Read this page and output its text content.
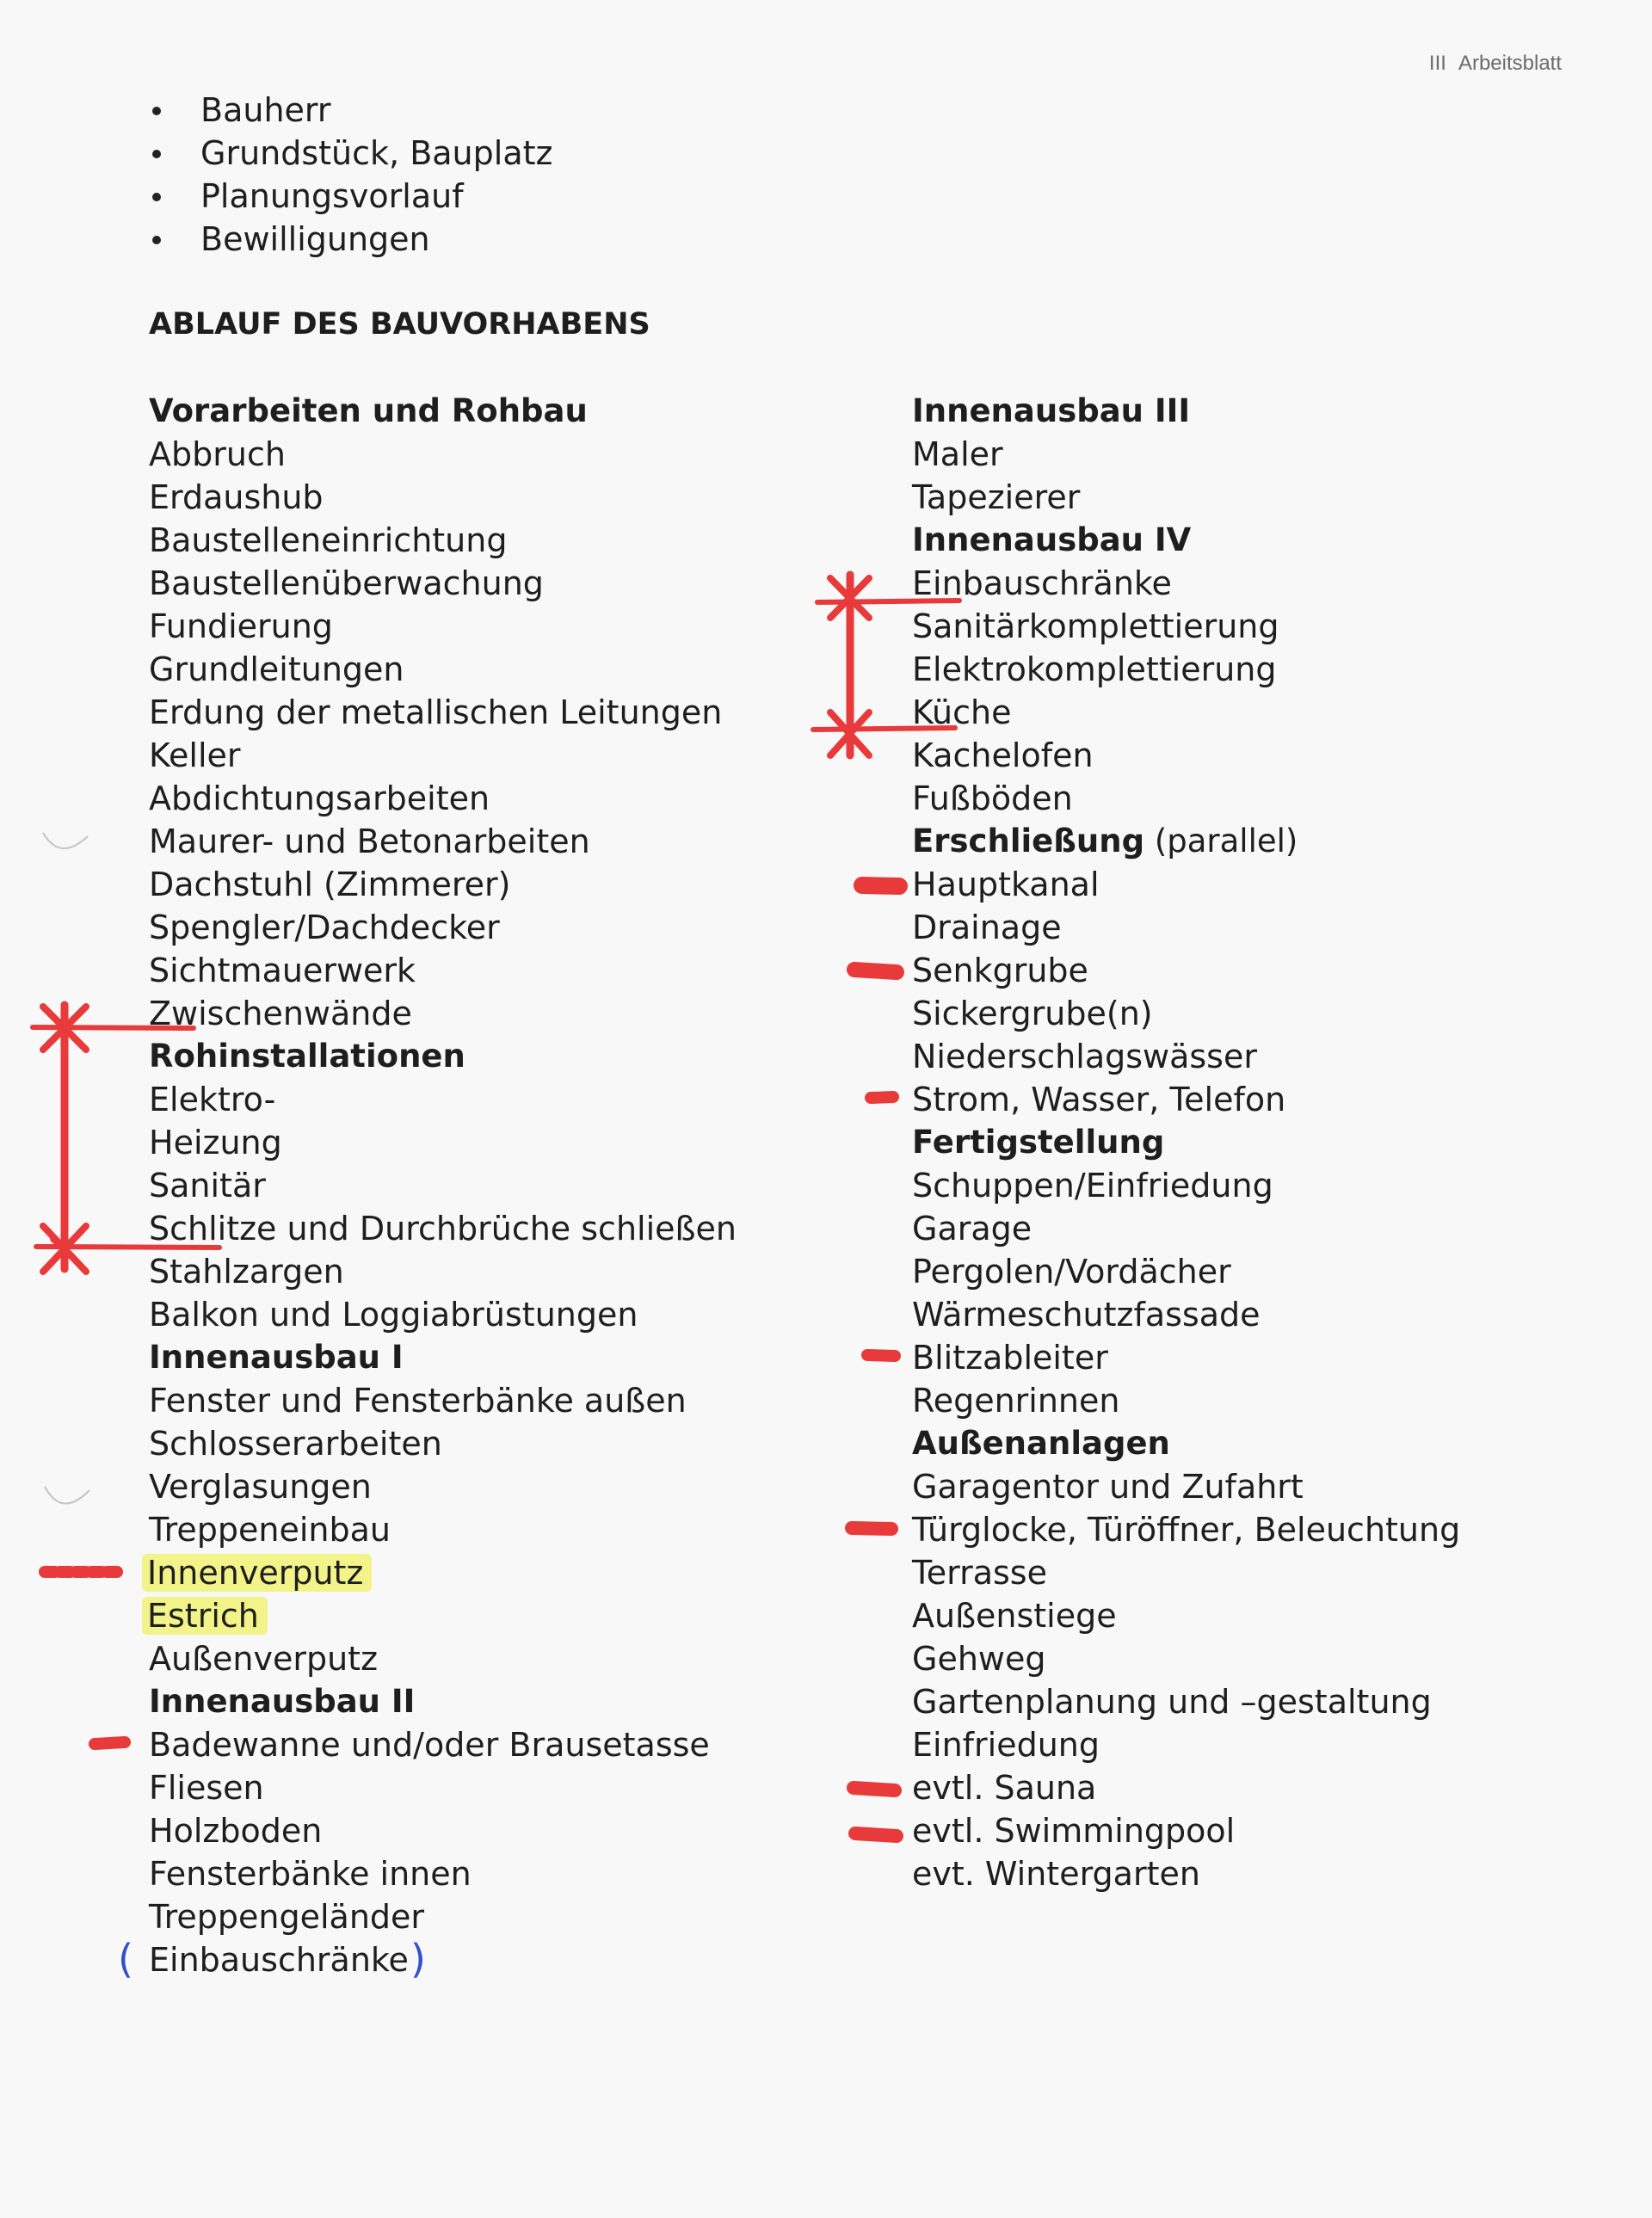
III Arbeitsblatt
Bauherr
Grundstück, Bauplatz
Planungsvorlauf
Bewilligungen
ABLAUF DES BAUVORHABENS
Vorarbeiten und Rohbau
Abbruch
Erdaushub
Baustelleneinrichtung
Baustellenüberwachung
Fundierung
Grundleitungen
Erdung der metallischen Leitungen
Keller
Abdichtungsarbeiten
Maurer- und Betonarbeiten
Dachstuhl (Zimmerer)
Spengler/Dachdecker
Sichtmauerwerk
Zwischenwände
Rohinstallationen
Elektro-
Heizung
Sanitär
Schlitze und Durchbrüche schließen
Stahlzargen
Balkon und Loggiabrüstungen
Innenausbau I
Fenster und Fensterbänke außen
Schlosserarbeiten
Verglasungen
Treppeneinbau
Innenverputz
Estrich
Außenverputz
Innenausbau II
Badewanne und/oder Brausetasse
Fliesen
Holzboden
Fensterbänke innen
Treppengeländer
( Einbauschränke )
Innenausbau III
Maler
Tapezierer
Innenausbau IV
Einbauschränke
Sanitärkomplettierung
Elektrokomplettierung
Küche
Kachelofen
Fußböden
Erschließung (parallel)
Hauptkanal
Drainage
Senkgrube
Sickergrube(n)
Niederschlagswässer
Strom, Wasser, Telefon
Fertigstellung
Schuppen/Einfriedung
Garage
Pergolen/Vordächer
Wärmeschutzfassade
Blitzableiter
Regenrinnen
Außenanlagen
Garagentor und Zufahrt
Türglocke, Türöffner, Beleuchtung
Terrasse
Außenstiege
Gehweg
Gartenplanung und –gestaltung
Einfriedung
evtl. Sauna
evtl. Swimmingpool
evt. Wintergarten
